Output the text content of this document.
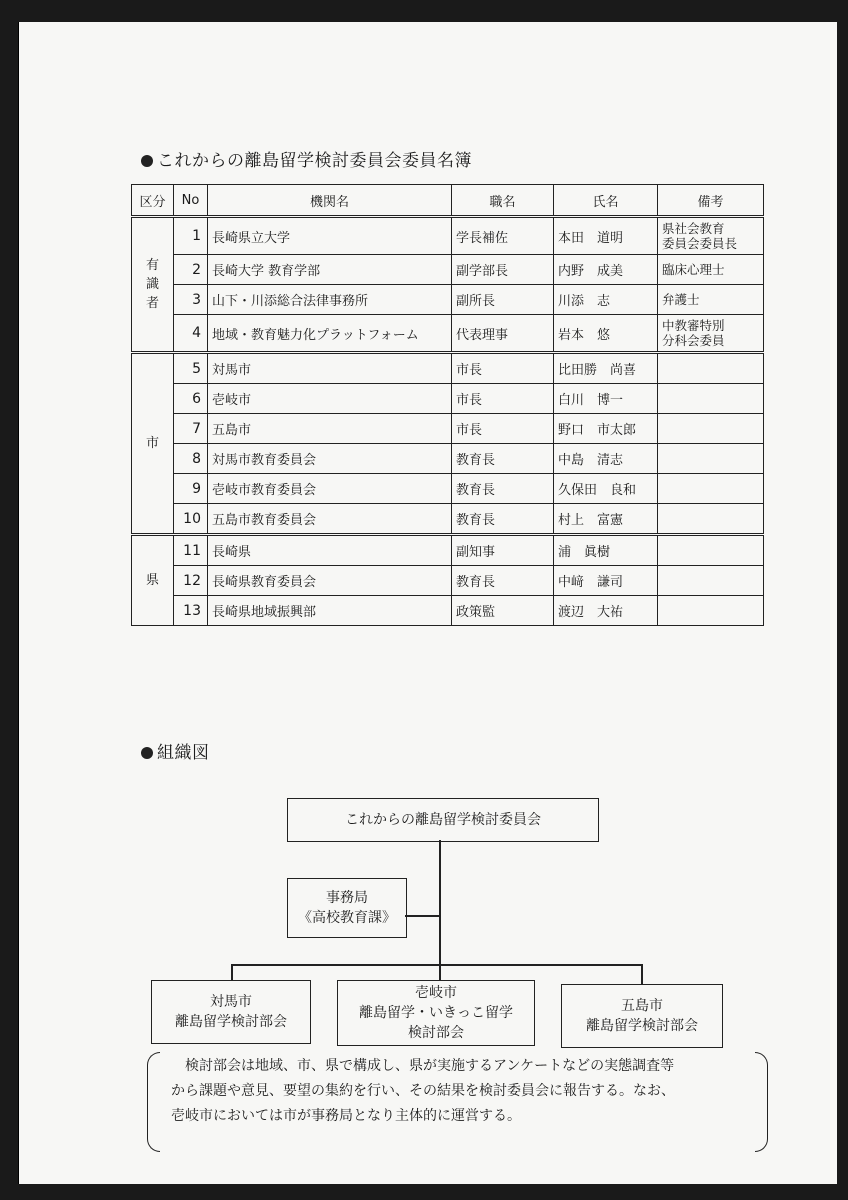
これからの離島留学検討委員会委員名簿
区分	No	機関名	職名	氏名	備考
有識者	1	長崎県立大学	学長補佐	本田　道明	県社会教育
委員会委員長

	2	長崎大学 教育学部	副学部長	内野　成美	臨床心理士
	3	山下・川添総合法律事務所	副所長	川添　志	弁護士
	4	地域・教育魅力化プラットフォーム	代表理事	岩本　悠	中教審特別
分科会委員

市	5	対馬市	市長	比田勝　尚喜	
	6	壱岐市	市長	白川　博一	
	7	五島市	市長	野口　市太郎	
	8	対馬市教育委員会	教育長	中島　清志	
	9	壱岐市教育委員会	教育長	久保田　良和	
	10	五島市教育委員会	教育長	村上　富憲	
県	11	長崎県	副知事	浦　眞樹	
	12	長崎県教育委員会	教育長	中﨑　謙司	
	13	長崎県地域振興部	政策監	渡辺　大祐	
組織図
これからの離島留学検討委員会
事務局
《高校教育課》
対馬市
離島留学検討部会
壱岐市
離島留学・いきっこ留学
検討部会
五島市
離島留学検討部会
検討部会は地域、市、県で構成し、県が実施するアンケートなどの実態調査等
から課題や意見、要望の集約を行い、その結果を検討委員会に報告する。なお、
壱岐市においては市が事務局となり主体的に運営する。
